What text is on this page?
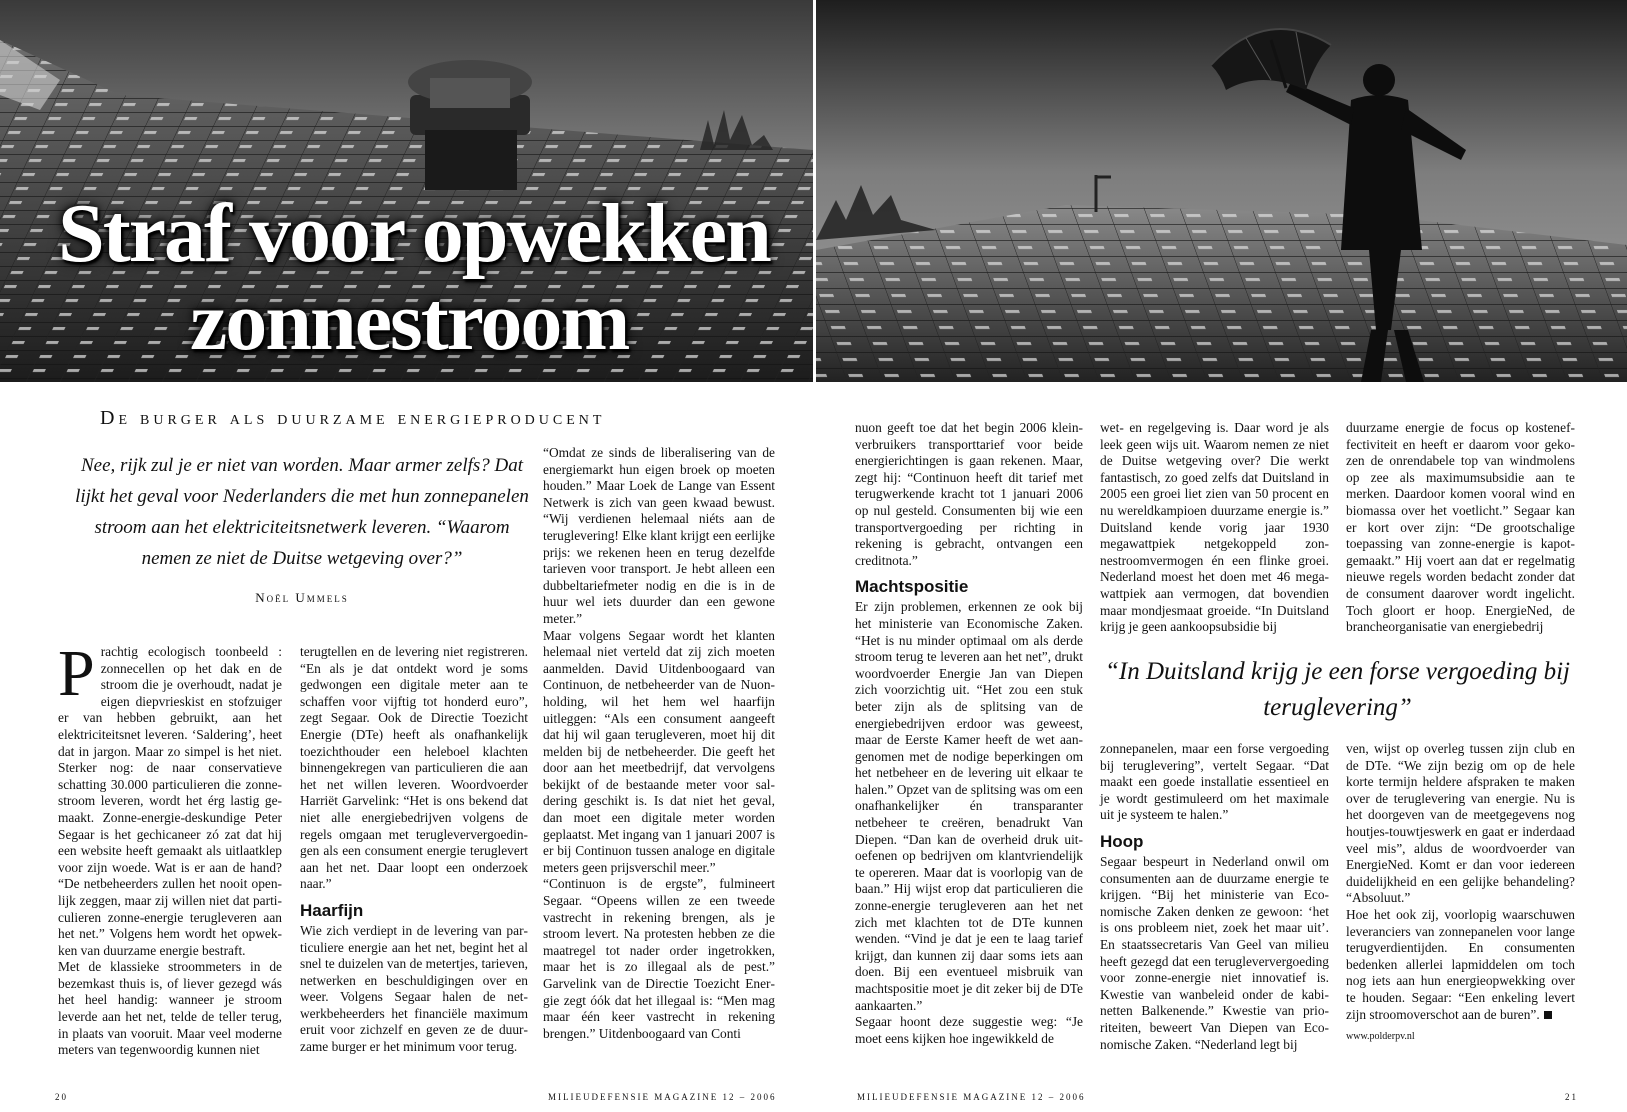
Straf voor opwekken
zonnestroom

De burger als duurzame energieproducent

Nee, rijk zul je er niet van worden. Maar armer zelfs? Dat lijkt het geval voor Nederlanders die met hun zonnepanelen stroom aan het elektriciteitsnetwerk leveren. “Waarom nemen ze niet de Duitse wetgeving over?”

Noël Ummels

Prachtig ecologisch toonbeeld : zonnecellen op het dak en de stroom die je overhoudt, nadat je eigen diepvrieskist en stofzuiger er van hebben gebruikt, aan het elektriciteitsnet leveren. ‘Saldering’, heet dat in jargon. Maar zo simpel is het niet. Sterker nog: de naar conservatieve schatting 30.000 particulieren die zonnestroom leveren, wordt het érg lastig gemaakt. Zonne-energie-deskundige Peter Segaar is het gechicaneer zó zat dat hij een website heeft gemaakt als uitlaatklep voor zijn woede. Wat is er aan de hand? “De netbeheerders zullen het nooit openlijk zeggen, maar zij willen niet dat particulieren zonne-energie terugleveren aan het net.” Volgens hem wordt het opwekken van duurzame energie bestraft.

Met de klassieke stroommeters in de bezemkast thuis is, of liever gezegd wás het heel handig: wanneer je stroom leverde aan het net, telde de teller terug, in plaats van vooruit. Maar veel moderne meters van tegenwoordig kunnen niet

terugtellen en de levering niet registreren. “En als je dat ontdekt word je soms gedwongen een digitale meter aan te schaffen voor vijftig tot honderd euro”, zegt Segaar. Ook de Directie Toezicht Energie (DTe) heeft als onafhankelijk toezichthouder een heleboel klachten binnengekregen van particulieren die aan het net willen leveren. Woordvoerder Harriët Garvelink: “Het is ons bekend dat niet alle energiebedrijven volgens de regels omgaan met terugleververgoedingen als een consument energie teruglevert aan het net. Daar loopt een onderzoek naar.”

Haarfijn

Wie zich verdiept in de levering van particuliere energie aan het net, begint het al snel te duizelen van de metertjes, tarieven, netwerken en beschuldigingen over en weer. Volgens Segaar halen de netwerkbeheerders het financiële maximum eruit voor zichzelf en geven ze de duurzame burger er het minimum voor terug.

“Omdat ze sinds de liberalisering van de energiemarkt hun eigen broek op moeten houden.” Maar Loek de Lange van Essent Netwerk is zich van geen kwaad bewust. “Wij verdienen helemaal niéts aan de teruglevering! Elke klant krijgt een eerlijke prijs: we rekenen heen en terug dezelfde tarieven voor transport. Je hebt alleen een dubbeltariefmeter nodig en die is in de huur wel iets duurder dan een gewone meter.”

Maar volgens Segaar wordt het klanten helemaal niet verteld dat zij zich moeten aanmelden. David Uitdenboogaard van Continuon, de netbeheerder van de Nuon-holding, wil het hem wel haarfijn uitleggen: “Als een consument aangeeft dat hij wil gaan terugleveren, moet hij dit melden bij de netbeheerder. Die geeft het door aan het meetbedrijf, dat vervolgens bekijkt of de bestaande meter voor saldering geschikt is. Is dat niet het geval, dan moet een digitale meter worden geplaatst. Met ingang van 1 januari 2007 is er bij Continuon tussen analoge en digitale meters geen prijsverschil meer.”

“Continuon is de ergste”, fulmineert Segaar. “Opeens willen ze een tweede vastrecht in rekening brengen, als je stroom levert. Na protesten hebben ze die maatregel tot nader order ingetrokken, maar het is zo illegaal als de pest.” Garvelink van de Directie Toezicht Energie zegt óók dat het illegaal is: “Men mag maar één keer vastrecht in rekening brengen.” Uitdenboogaard van Conti

nuon geeft toe dat het begin 2006 kleinverbruikers transporttarief voor beide energierichtingen is gaan rekenen. Maar, zegt hij: “Continuon heeft dit tarief met terugwerkende kracht tot 1 januari 2006 op nul gesteld. Consumenten bij wie een transportvergoeding per richting in rekening is gebracht, ontvangen een creditnota.”

Machtspositie

Er zijn problemen, erkennen ze ook bij het ministerie van Economische Zaken. “Het is nu minder optimaal om als derde stroom terug te leveren aan het net”, drukt woordvoerder Energie Jan van Diepen zich voorzichtig uit. “Het zou een stuk beter zijn als de splitsing van de energiebedrijven erdoor was geweest, maar de Eerste Kamer heeft de wet aangenomen met de nodige beperkingen om het netbeheer en de levering uit elkaar te halen.” Opzet van de splitsing was om een onafhankelijker én transparanter netbeheer te creëren, benadrukt Van Diepen. “Dan kan de overheid druk uitoefenen op bedrijven om klantvriendelijk te opereren. Maar dat is voorlopig van de baan.” Hij wijst erop dat particulieren die zonne-energie terugleveren aan het net zich met klachten tot de DTe kunnen wenden. “Vind je dat je een te laag tarief krijgt, dan kunnen zij daar soms iets aan doen. Bij een eventueel misbruik van machtspositie moet je dit zeker bij de DTe aankaarten.”

Segaar hoont deze suggestie weg: “Je moet eens kijken hoe ingewikkeld de

wet- en regelgeving is. Daar word je als leek geen wijs uit. Waarom nemen ze niet de Duitse wetgeving over? Die werkt fantastisch, zo goed zelfs dat Duitsland in 2005 een groei liet zien van 50 procent en nu wereldkampioen duurzame energie is.” Duitsland kende vorig jaar 1930 megawattpiek netgekoppeld zonnestroomvermogen én een flinke groei. Nederland moest het doen met 46 megawattpiek aan vermogen, dat bovendien maar mondjesmaat groeide. “In Duitsland krijg je geen aankoopsubsidie bij

duurzame energie de focus op kosteneffectiviteit en heeft er daarom voor gekozen de onrendabele top van windmolens op zee als maximumsubsidie aan te merken. Daardoor komen vooral wind en biomassa over het voetlicht.” Segaar kan er kort over zijn: “De grootschalige toepassing van zonne-energie is kapotgemaakt.” Hij voert aan dat er regelmatig nieuwe regels worden bedacht zonder dat de consument daarover wordt ingelicht. Toch gloort er hoop. EnergieNed, de brancheorganisatie van energiebedrij

“In Duitsland krijg je een forse vergoeding bij teruglevering”

zonnepanelen, maar een forse vergoeding bij teruglevering”, vertelt Segaar. “Dat maakt een goede installatie essentieel en je wordt gestimuleerd om het maximale uit je systeem te halen.”

Hoop

Segaar bespeurt in Nederland onwil om consumenten aan de duurzame energie te krijgen. “Bij het ministerie van Economische Zaken denken ze gewoon: ‘het is ons probleem niet, zoek het maar uit’. En staatssecretaris Van Geel van milieu heeft gezegd dat een terugleververgoeding voor zonne-energie niet innovatief is. Kwestie van wanbeleid onder de kabinetten Balkenende.” Kwestie van prioriteiten, beweert Van Diepen van Economische Zaken. “Nederland legt bij

ven, wijst op overleg tussen zijn club en de DTe. “We zijn bezig om op de hele korte termijn heldere afspraken te maken over de teruglevering van energie. Nu is het doorgeven van de meetgegevens nog houtjes-touwtjeswerk en gaat er inderdaad veel mis”, aldus de woordvoerder van EnergieNed. Komt er dan voor iedereen duidelijkheid en een gelijke behandeling? “Absoluut.”

Hoe het ook zij, voorlopig waarschuwen leveranciers van zonnepanelen voor lange terugverdientijden. En consumenten bedenken allerlei lapmiddelen om toch nog iets aan hun energieopwekking over te houden. Segaar: “Een enkeling levert zijn stroomoverschot aan de buren”.

www.polderpv.nl

20	MILIEUDEFENSIE MAGAZINE 12 – 2006	MILIEUDEFENSIE MAGAZINE 12 – 2006	21
